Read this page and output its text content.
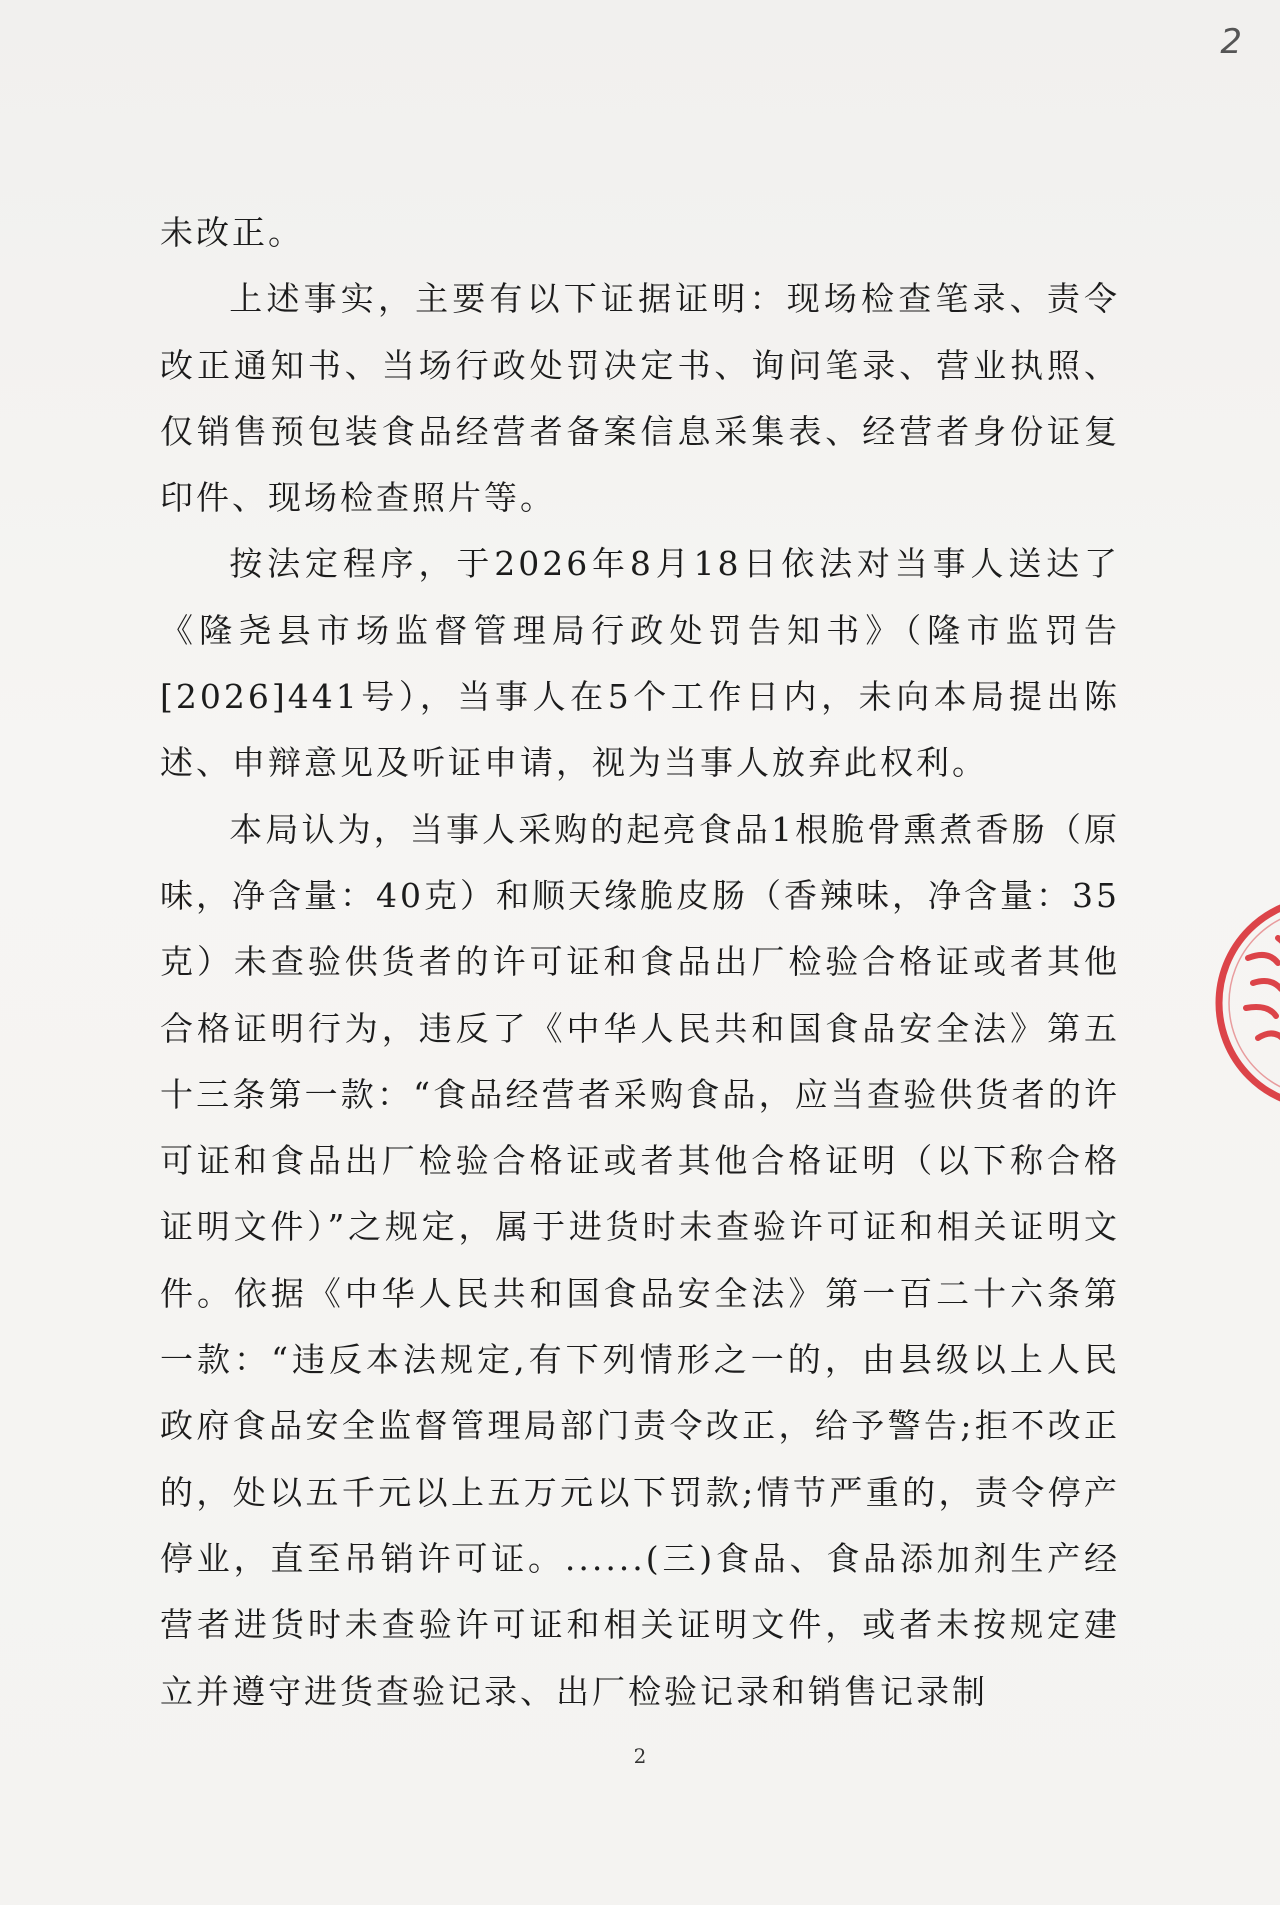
2

未改正。

上述事实，主要有以下证据证明：现场检查笔录、责令改正通知书、当场行政处罚决定书、询问笔录、营业执照、仅销售预包装食品经营者备案信息采集表、经营者身份证复印件、现场检查照片等。

按法定程序，于2026年8月18日依法对当事人送达了《隆尧县市场监督管理局行政处罚告知书》（隆市监罚告[2026]441号），当事人在5个工作日内，未向本局提出陈述、申辩意见及听证申请，视为当事人放弃此权利。

本局认为，当事人采购的起亮食品1根脆骨熏煮香肠（原味，净含量：40克）和顺天缘脆皮肠（香辣味，净含量：35克）未查验供货者的许可证和食品出厂检验合格证或者其他合格证明行为，违反了《中华人民共和国食品安全法》第五十三条第一款：“食品经营者采购食品，应当查验供货者的许可证和食品出厂检验合格证或者其他合格证明（以下称合格证明文件）”之规定，属于进货时未查验许可证和相关证明文件。依据《中华人民共和国食品安全法》第一百二十六条第一款：“违反本法规定,有下列情形之一的，由县级以上人民政府食品安全监督管理局部门责令改正，给予警告;拒不改正的，处以五千元以上五万元以下罚款;情节严重的，责令停产停业，直至吊销许可证。......(三)食品、食品添加剂生产经营者进货时未查验许可证和相关证明文件，或者未按规定建立并遵守进货查验记录、出厂检验记录和销售记录制

2
